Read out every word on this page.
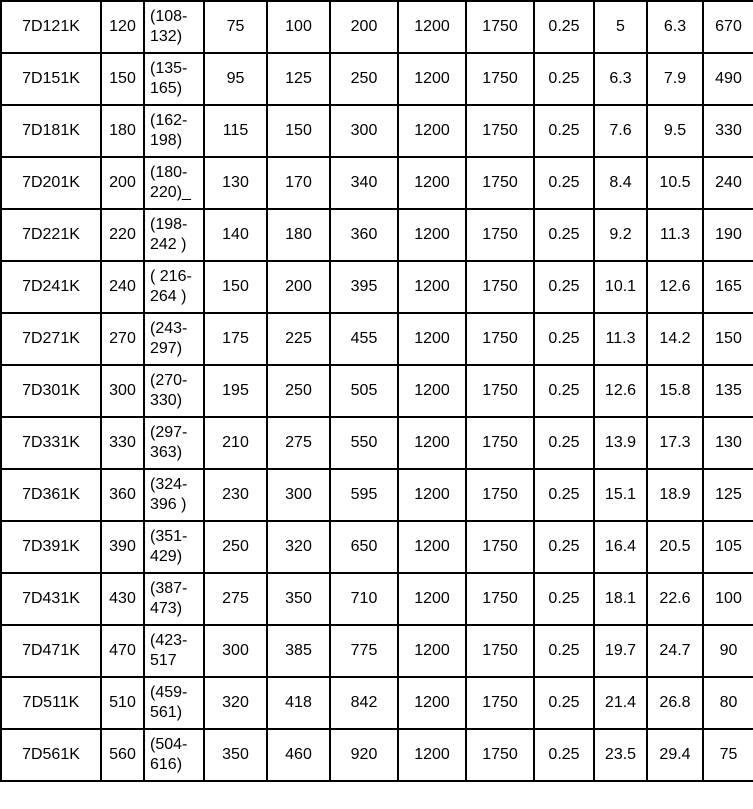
7D121K	120	(108-132)	75	100	200	1200	1750	0.25	5	6.3	670
7D151K	150	(135-165)	95	125	250	1200	1750	0.25	6.3	7.9	490
7D181K	180	(162-198)	115	150	300	1200	1750	0.25	7.6	9.5	330
7D201K	200	(180-220)_	130	170	340	1200	1750	0.25	8.4	10.5	240
7D221K	220	(198-242 )	140	180	360	1200	1750	0.25	9.2	11.3	190
7D241K	240	( 216-264 )	150	200	395	1200	1750	0.25	10.1	12.6	165
7D271K	270	(243-297)	175	225	455	1200	1750	0.25	11.3	14.2	150
7D301K	300	(270-330)	195	250	505	1200	1750	0.25	12.6	15.8	135
7D331K	330	(297-363)	210	275	550	1200	1750	0.25	13.9	17.3	130
7D361K	360	(324-396 )	230	300	595	1200	1750	0.25	15.1	18.9	125
7D391K	390	(351-429)	250	320	650	1200	1750	0.25	16.4	20.5	105
7D431K	430	(387-473)	275	350	710	1200	1750	0.25	18.1	22.6	100
7D471K	470	(423-517	300	385	775	1200	1750	0.25	19.7	24.7	90
7D511K	510	(459-561)	320	418	842	1200	1750	0.25	21.4	26.8	80
7D561K	560	(504-616)	350	460	920	1200	1750	0.25	23.5	29.4	75
